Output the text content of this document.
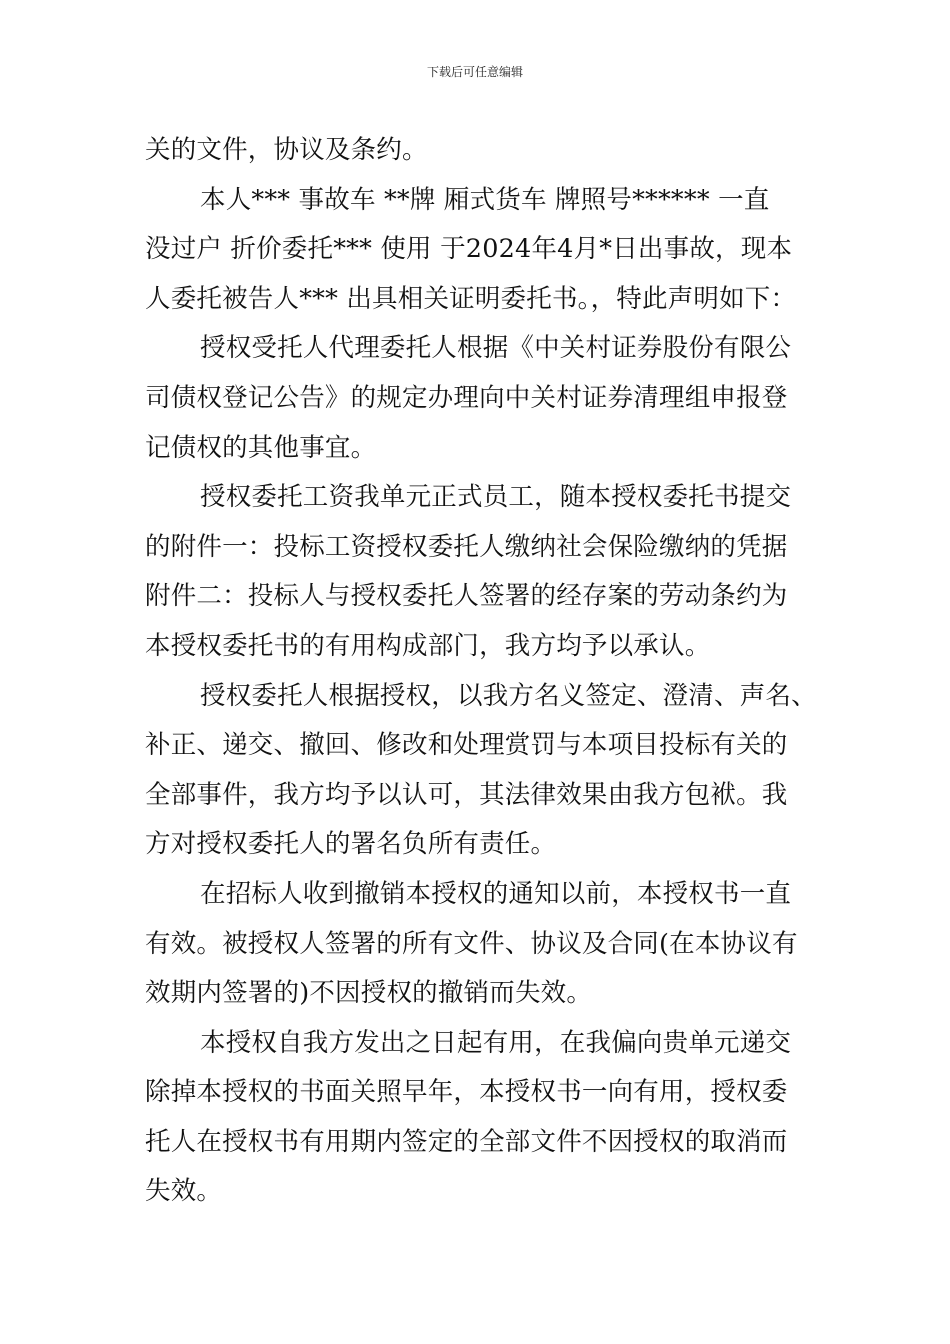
下载后可任意编辑
关的文件，协议及条约。
本人*** 事故车 **牌 厢式货车 牌照号****** 一直
没过户 折价委托*** 使用 于2024年4月*日出事故，现本
人委托被告人*** 出具相关证明委托书。，特此声明如下：
授权受托人代理委托人根据《中关村证券股份有限公
司债权登记公告》的规定办理向中关村证券清理组申报登
记债权的其他事宜。
授权委托工资我单元正式员工，随本授权委托书提交
的附件一：投标工资授权委托人缴纳社会保险缴纳的凭据
附件二：投标人与授权委托人签署的经存案的劳动条约为
本授权委托书的有用构成部门，我方均予以承认。
授权委托人根据授权，以我方名义签定、澄清、声名、
补正、递交、撤回、修改和处理赏罚与本项目投标有关的
全部事件，我方均予以认可，其法律效果由我方包袱。我
方对授权委托人的署名负所有责任。
在招标人收到撤销本授权的通知以前，本授权书一直
有效。被授权人签署的所有文件、协议及合同(在本协议有
效期内签署的)不因授权的撤销而失效。
本授权自我方发出之日起有用，在我偏向贵单元递交
除掉本授权的书面关照早年，本授权书一向有用，授权委
托人在授权书有用期内签定的全部文件不因授权的取消而
失效。
